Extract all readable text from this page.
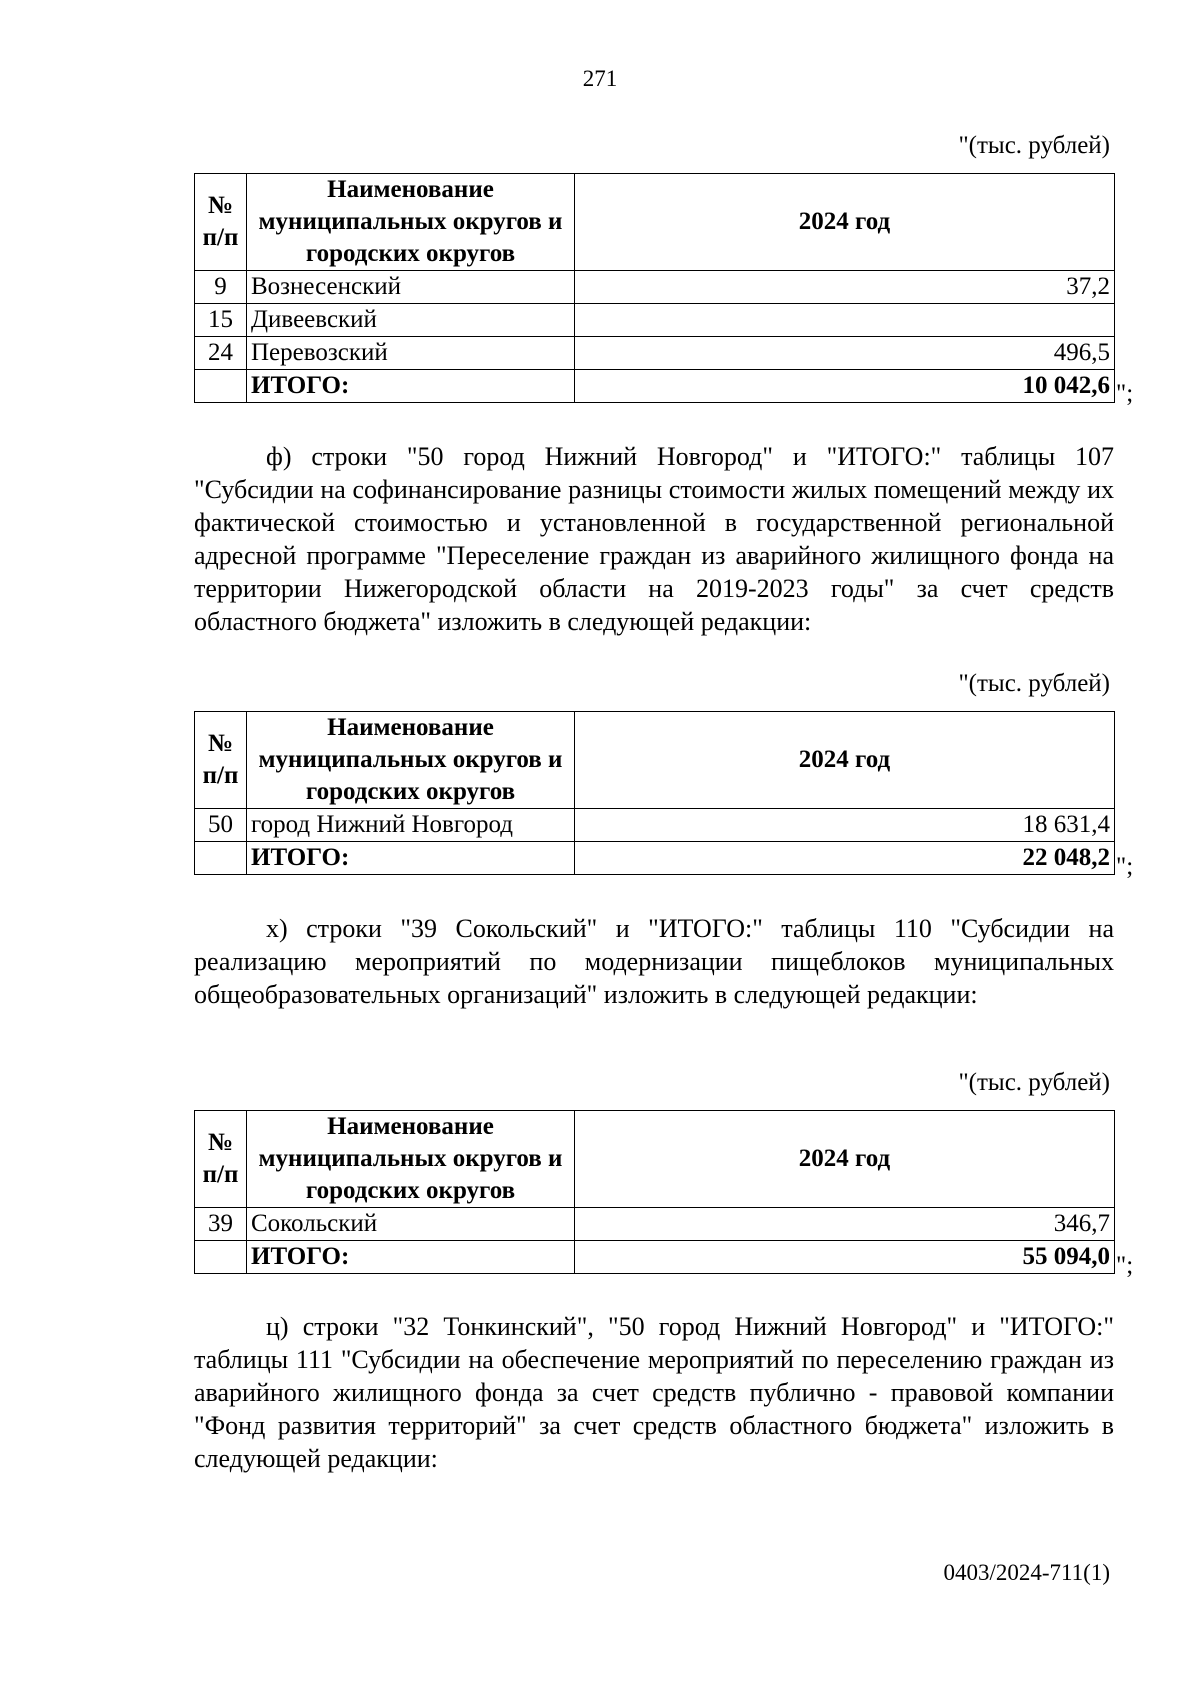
271
"(тыс. рублей)
№ п/п	Наименование муниципальных округов и городских округов	2024 год
9	Вознесенский	37,2
15	Дивеевский	
24	Перевозский	496,5
	ИТОГО:	10 042,6 ";

ф) строки "50 город Нижний Новгород" и "ИТОГО:" таблицы 107 "Субсидии на софинансирование разницы стоимости жилых помещений между их фактической стоимостью и установленной в государственной региональной адресной программе "Переселение граждан из аварийного жилищного фонда на территории Нижегородской области на 2019-2023 годы" за счет средств областного бюджета" изложить в следующей редакции:

"(тыс. рублей)
№ п/п	Наименование муниципальных округов и городских округов	2024 год
50	город Нижний Новгород	18 631,4
	ИТОГО:	22 048,2 ";

х) строки "39 Сокольский" и "ИТОГО:" таблицы 110 "Субсидии на реализацию мероприятий по модернизации пищеблоков муниципальных общеобразовательных организаций" изложить в следующей редакции:

"(тыс. рублей)
№ п/п	Наименование муниципальных округов и городских округов	2024 год
39	Сокольский	346,7
	ИТОГО:	55 094,0 ";

ц) строки "32 Тонкинский", "50 город Нижний Новгород" и "ИТОГО:" таблицы 111 "Субсидии на обеспечение мероприятий по переселению граждан из аварийного жилищного фонда за счет средств публично - правовой компании "Фонд развития территорий" за счет средств областного бюджета" изложить в следующей редакции:

0403/2024-711(1)
